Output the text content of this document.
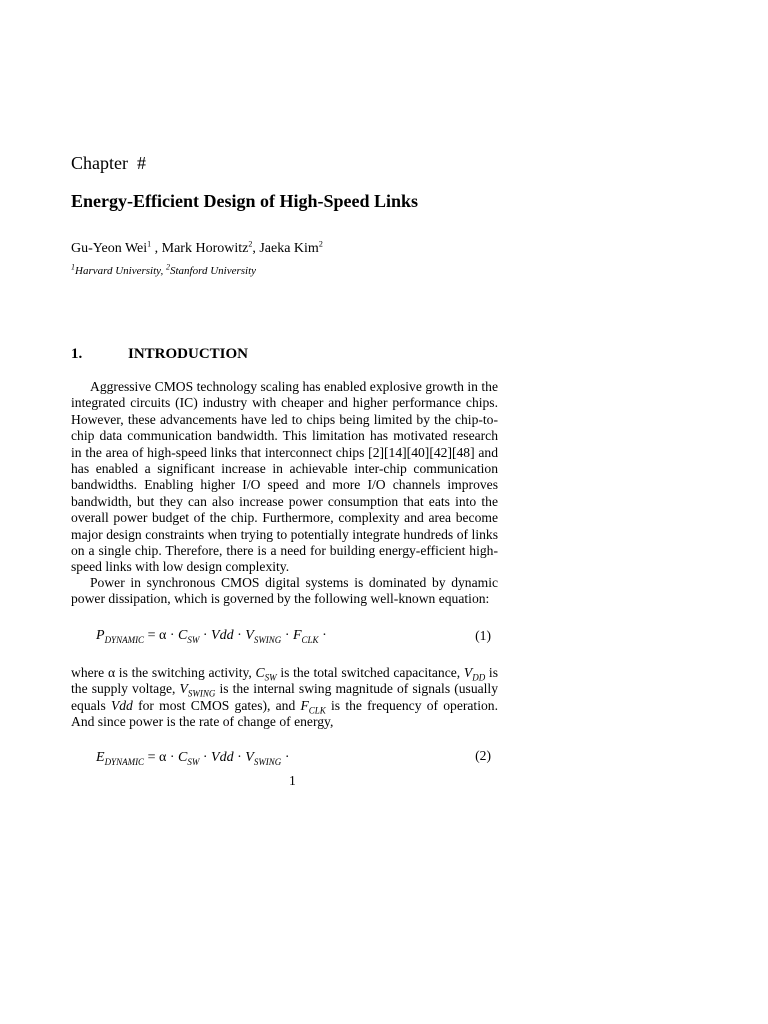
Chapter  #
Energy-Efficient Design of High-Speed Links
Gu-Yeon Wei$^1$ , Mark Horowitz$^2$, Jaeka Kim$^2$
$^1$Harvard University, $^2$Stanford University
1.	INTRODUCTION

Aggressive CMOS technology scaling has enabled explosive growth in the integrated circuits (IC) industry with cheaper and higher performance chips. However, these advancements have led to chips being limited by the chip-to-chip data communication bandwidth. This limitation has motivated research in the area of high-speed links that interconnect chips [2][14][40][42][48] and has enabled a significant increase in achievable inter-chip communication bandwidths. Enabling higher I/O speed and more I/O channels improves bandwidth, but they can also increase power consumption that eats into the overall power budget of the chip. Furthermore, complexity and area become major design constraints when trying to potentially integrate hundreds of links on a single chip. Therefore, there is a need for building energy-efficient high-speed links with low design complexity.

Power in synchronous CMOS digital systems is dominated by dynamic power dissipation, which is governed by the following well-known equation:

$P_{DYNAMIC} = \alpha \cdot C_{SW}$ · Vdd · $V_{SWING} \cdot F_{CLK}$ ·	(1)

where α is the switching activity, $C_{SW}$ is the total switched capacitance, $V_{DD}$ is the supply voltage, $V_{SWING}$ is the internal swing magnitude of signals (usually equals Vdd for most CMOS gates), and $F_{CLK}$ is the frequency of operation. And since power is the rate of change of energy,

$E_{DYNAMIC} = \alpha \cdot C_{SW}$ · Vdd · $V_{SWING}$ ·	(2)
1
